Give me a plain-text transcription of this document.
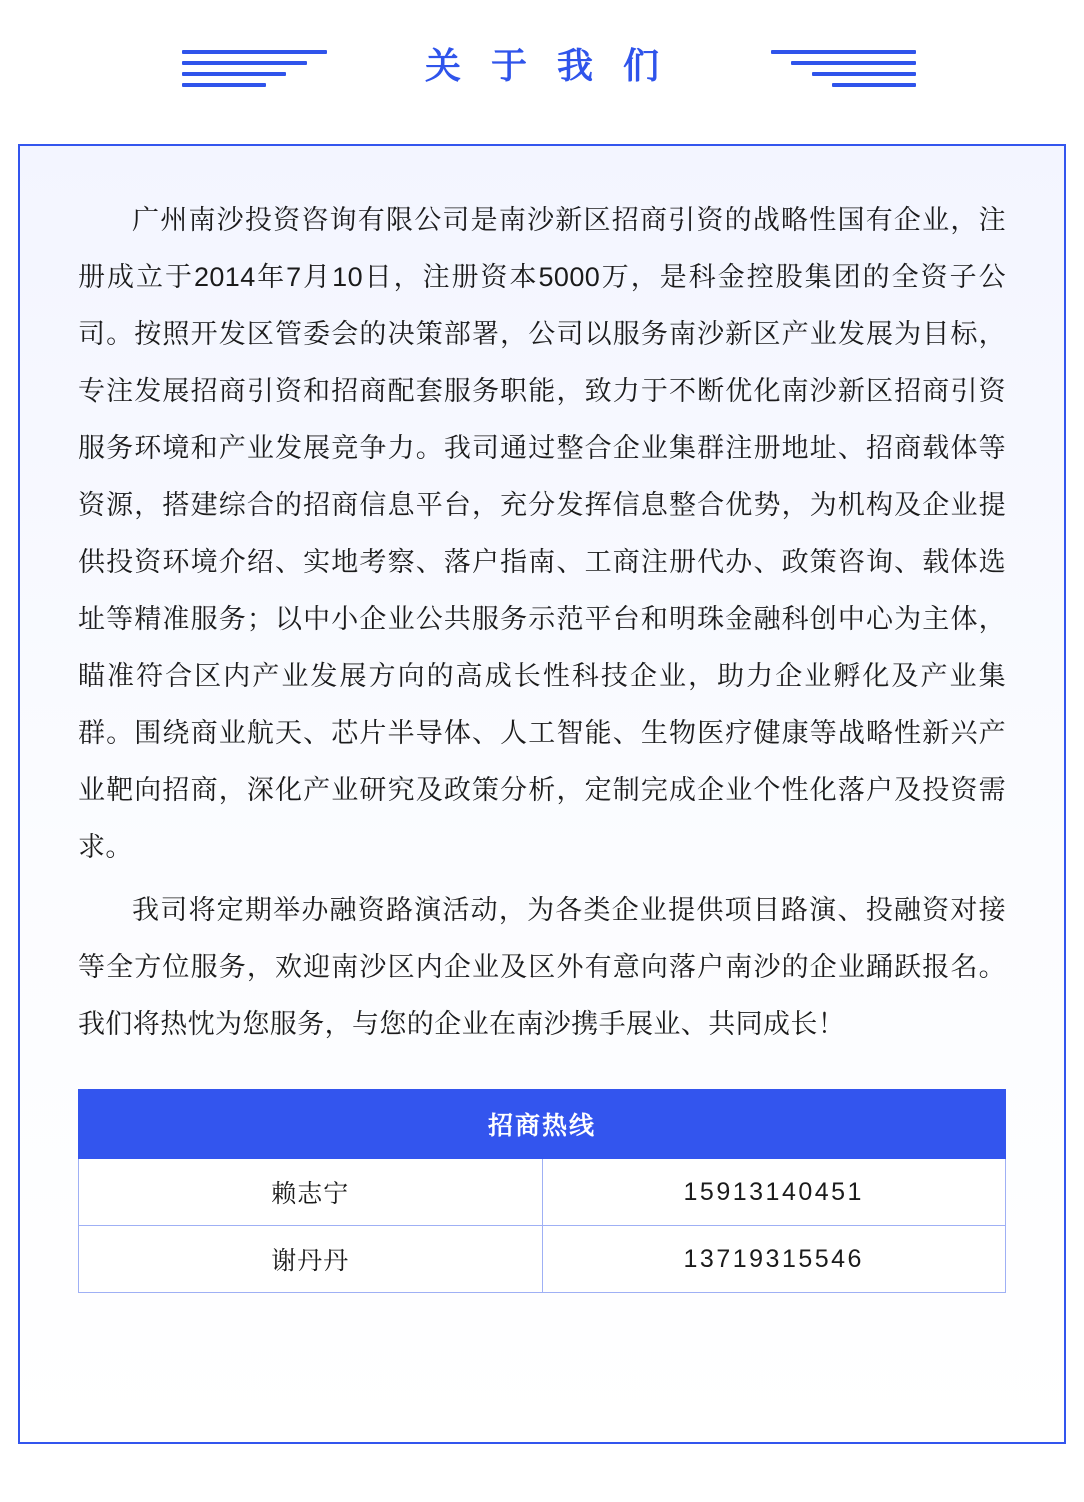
关 于 我 们

广州南沙投资咨询有限公司是南沙新区招商引资的战略性国有企业，注册成立于2014年7月10日，注册资本5000万，是科金控股集团的全资子公司。按照开发区管委会的决策部署，公司以服务南沙新区产业发展为目标，专注发展招商引资和招商配套服务职能，致力于不断优化南沙新区招商引资服务环境和产业发展竞争力。我司通过整合企业集群注册地址、招商载体等资源，搭建综合的招商信息平台，充分发挥信息整合优势，为机构及企业提供投资环境介绍、实地考察、落户指南、工商注册代办、政策咨询、载体选址等精准服务；以中小企业公共服务示范平台和明珠金融科创中心为主体，瞄准符合区内产业发展方向的高成长性科技企业，助力企业孵化及产业集群。围绕商业航天、芯片半导体、人工智能、生物医疗健康等战略性新兴产业靶向招商，深化产业研究及政策分析，定制完成企业个性化落户及投资需求。

我司将定期举办融资路演活动，为各类企业提供项目路演、投融资对接等全方位服务，欢迎南沙区内企业及区外有意向落户南沙的企业踊跃报名。我们将热忱为您服务，与您的企业在南沙携手展业、共同成长！

招商热线	
赖志宁	15913140451
谢丹丹	13719315546
